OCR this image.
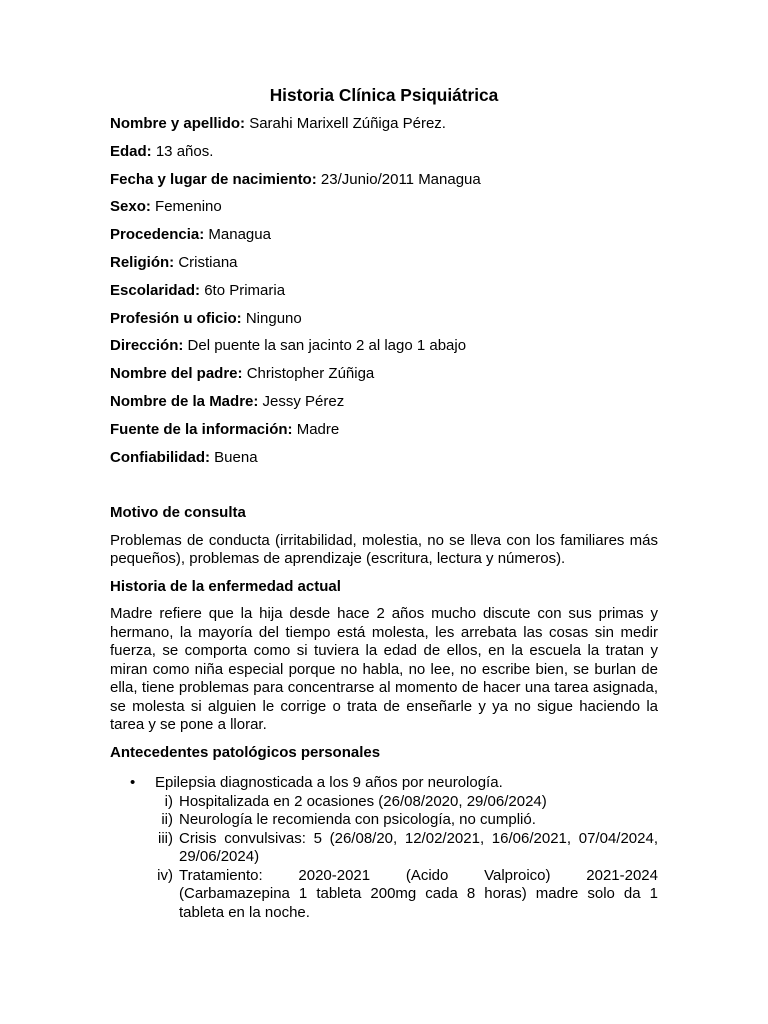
Historia Clínica Psiquiátrica
Nombre y apellido: Sarahi Marixell Zúñiga Pérez.
Edad: 13 años.
Fecha y lugar de nacimiento: 23/Junio/2011 Managua
Sexo: Femenino
Procedencia: Managua
Religión: Cristiana
Escolaridad: 6to Primaria
Profesión u oficio: Ninguno
Dirección: Del puente la san jacinto 2 al lago 1 abajo
Nombre del padre: Christopher Zúñiga
Nombre de la Madre: Jessy Pérez
Fuente de la información: Madre
Confiabilidad: Buena
Motivo de consulta
Problemas de conducta (irritabilidad, molestia, no se lleva con los familiares más pequeños), problemas de aprendizaje (escritura, lectura y números).
Historia de la enfermedad actual
Madre refiere que la hija desde hace 2 años mucho discute con sus primas y hermano, la mayoría del tiempo está molesta, les arrebata las cosas sin medir fuerza, se comporta como si tuviera la edad de ellos, en la escuela la tratan y miran como niña especial porque no habla, no lee, no escribe bien, se burlan de ella, tiene problemas para concentrarse al momento de hacer una tarea asignada, se molesta si alguien le corrige o trata de enseñarle y ya no sigue haciendo la tarea y se pone a llorar.
Antecedentes patológicos personales
• Epilepsia diagnosticada a los 9 años por neurología.
i) Hospitalizada en 2 ocasiones (26/08/2020, 29/06/2024)
ii) Neurología le recomienda con psicología, no cumplió.
iii) Crisis convulsivas: 5 (26/08/20, 12/02/2021, 16/06/2021, 07/04/2024, 29/06/2024)
iv) Tratamiento: 2020-2021 (Acido Valproico) 2021-2024
(Carbamazepina 1 tableta 200mg cada 8 horas) madre solo da 1 tableta en la noche.
